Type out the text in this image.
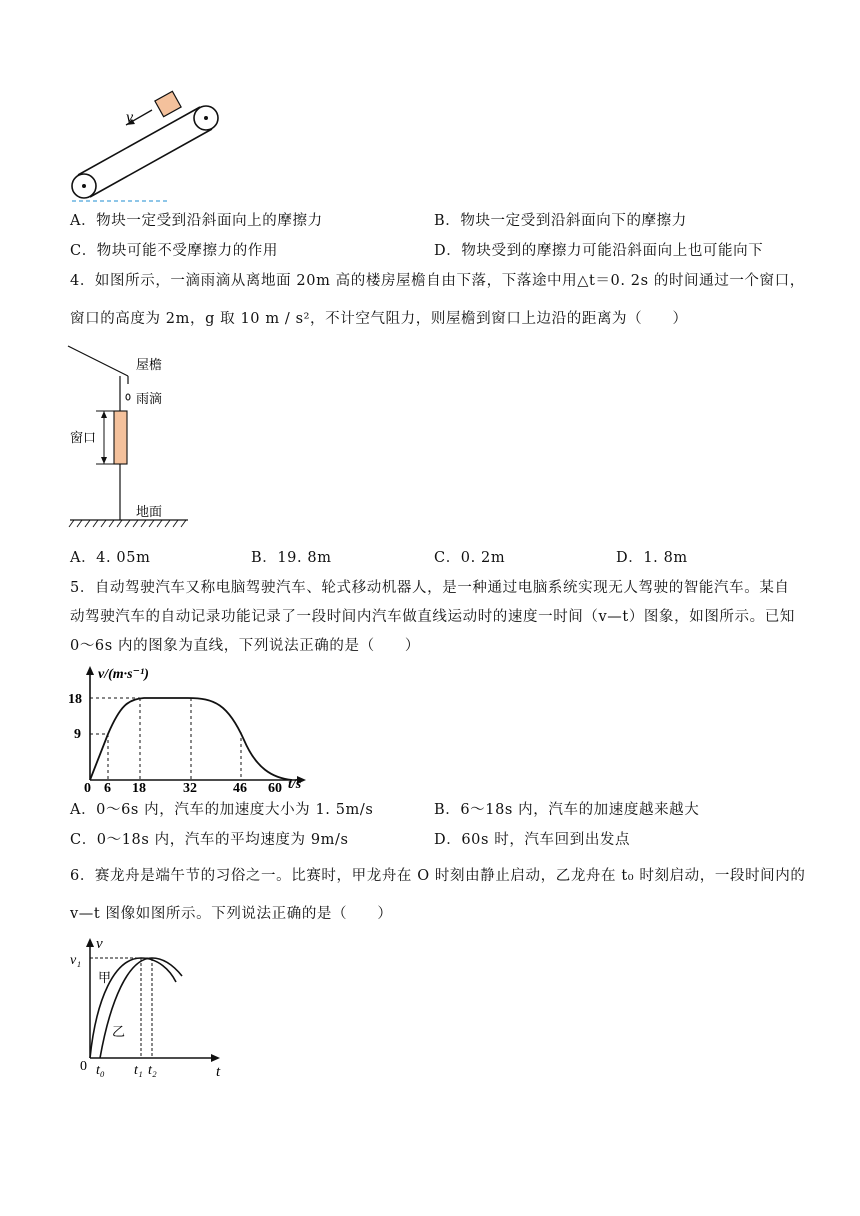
v
A．物块一定受到沿斜面向上的摩擦力	B．物块一定受到沿斜面向下的摩擦力
C．物块可能不受摩擦力的作用	D．物块受到的摩擦力可能沿斜面向上也可能向下
4．如图所示，一滴雨滴从离地面 20m 高的楼房屋檐自由下落，下落途中用△t＝0. 2s 的时间通过一个窗口，
窗口的高度为 2m，g 取 10 m / s²，不计空气阻力，则屋檐到窗口上边沿的距离为（　　）
屋檐
雨滴
窗口
地面
A．4. 05m	B．19. 8m	C．0. 2m	D．1. 8m
5．自动驾驶汽车又称电脑驾驶汽车、轮式移动机器人，是一种通过电脑系统实现无人驾驶的智能汽车。某自
动驾驶汽车的自动记录功能记录了一段时间内汽车做直线运动时的速度一时间（v—t）图象，如图所示。已知
0～6s 内的图象为直线，下列说法正确的是（　　）
v/(m·s⁻¹)
t/s
18
9
0 6 18	32	46 60
A．0～6s 内，汽车的加速度大小为 1. 5m/s	B．6～18s 内，汽车的加速度越来越大
C．0～18s 内，汽车的平均速度为 9m/s	D．60s 时，汽车回到出发点
6．赛龙舟是端午节的习俗之一。比赛时，甲龙舟在 O 时刻由静止启动，乙龙舟在 t₀ 时刻启动，一段时间内的
v—t 图像如图所示。下列说法正确的是（　　）
v
t
v₁
0
甲
乙
t₀ t₁ t₂
